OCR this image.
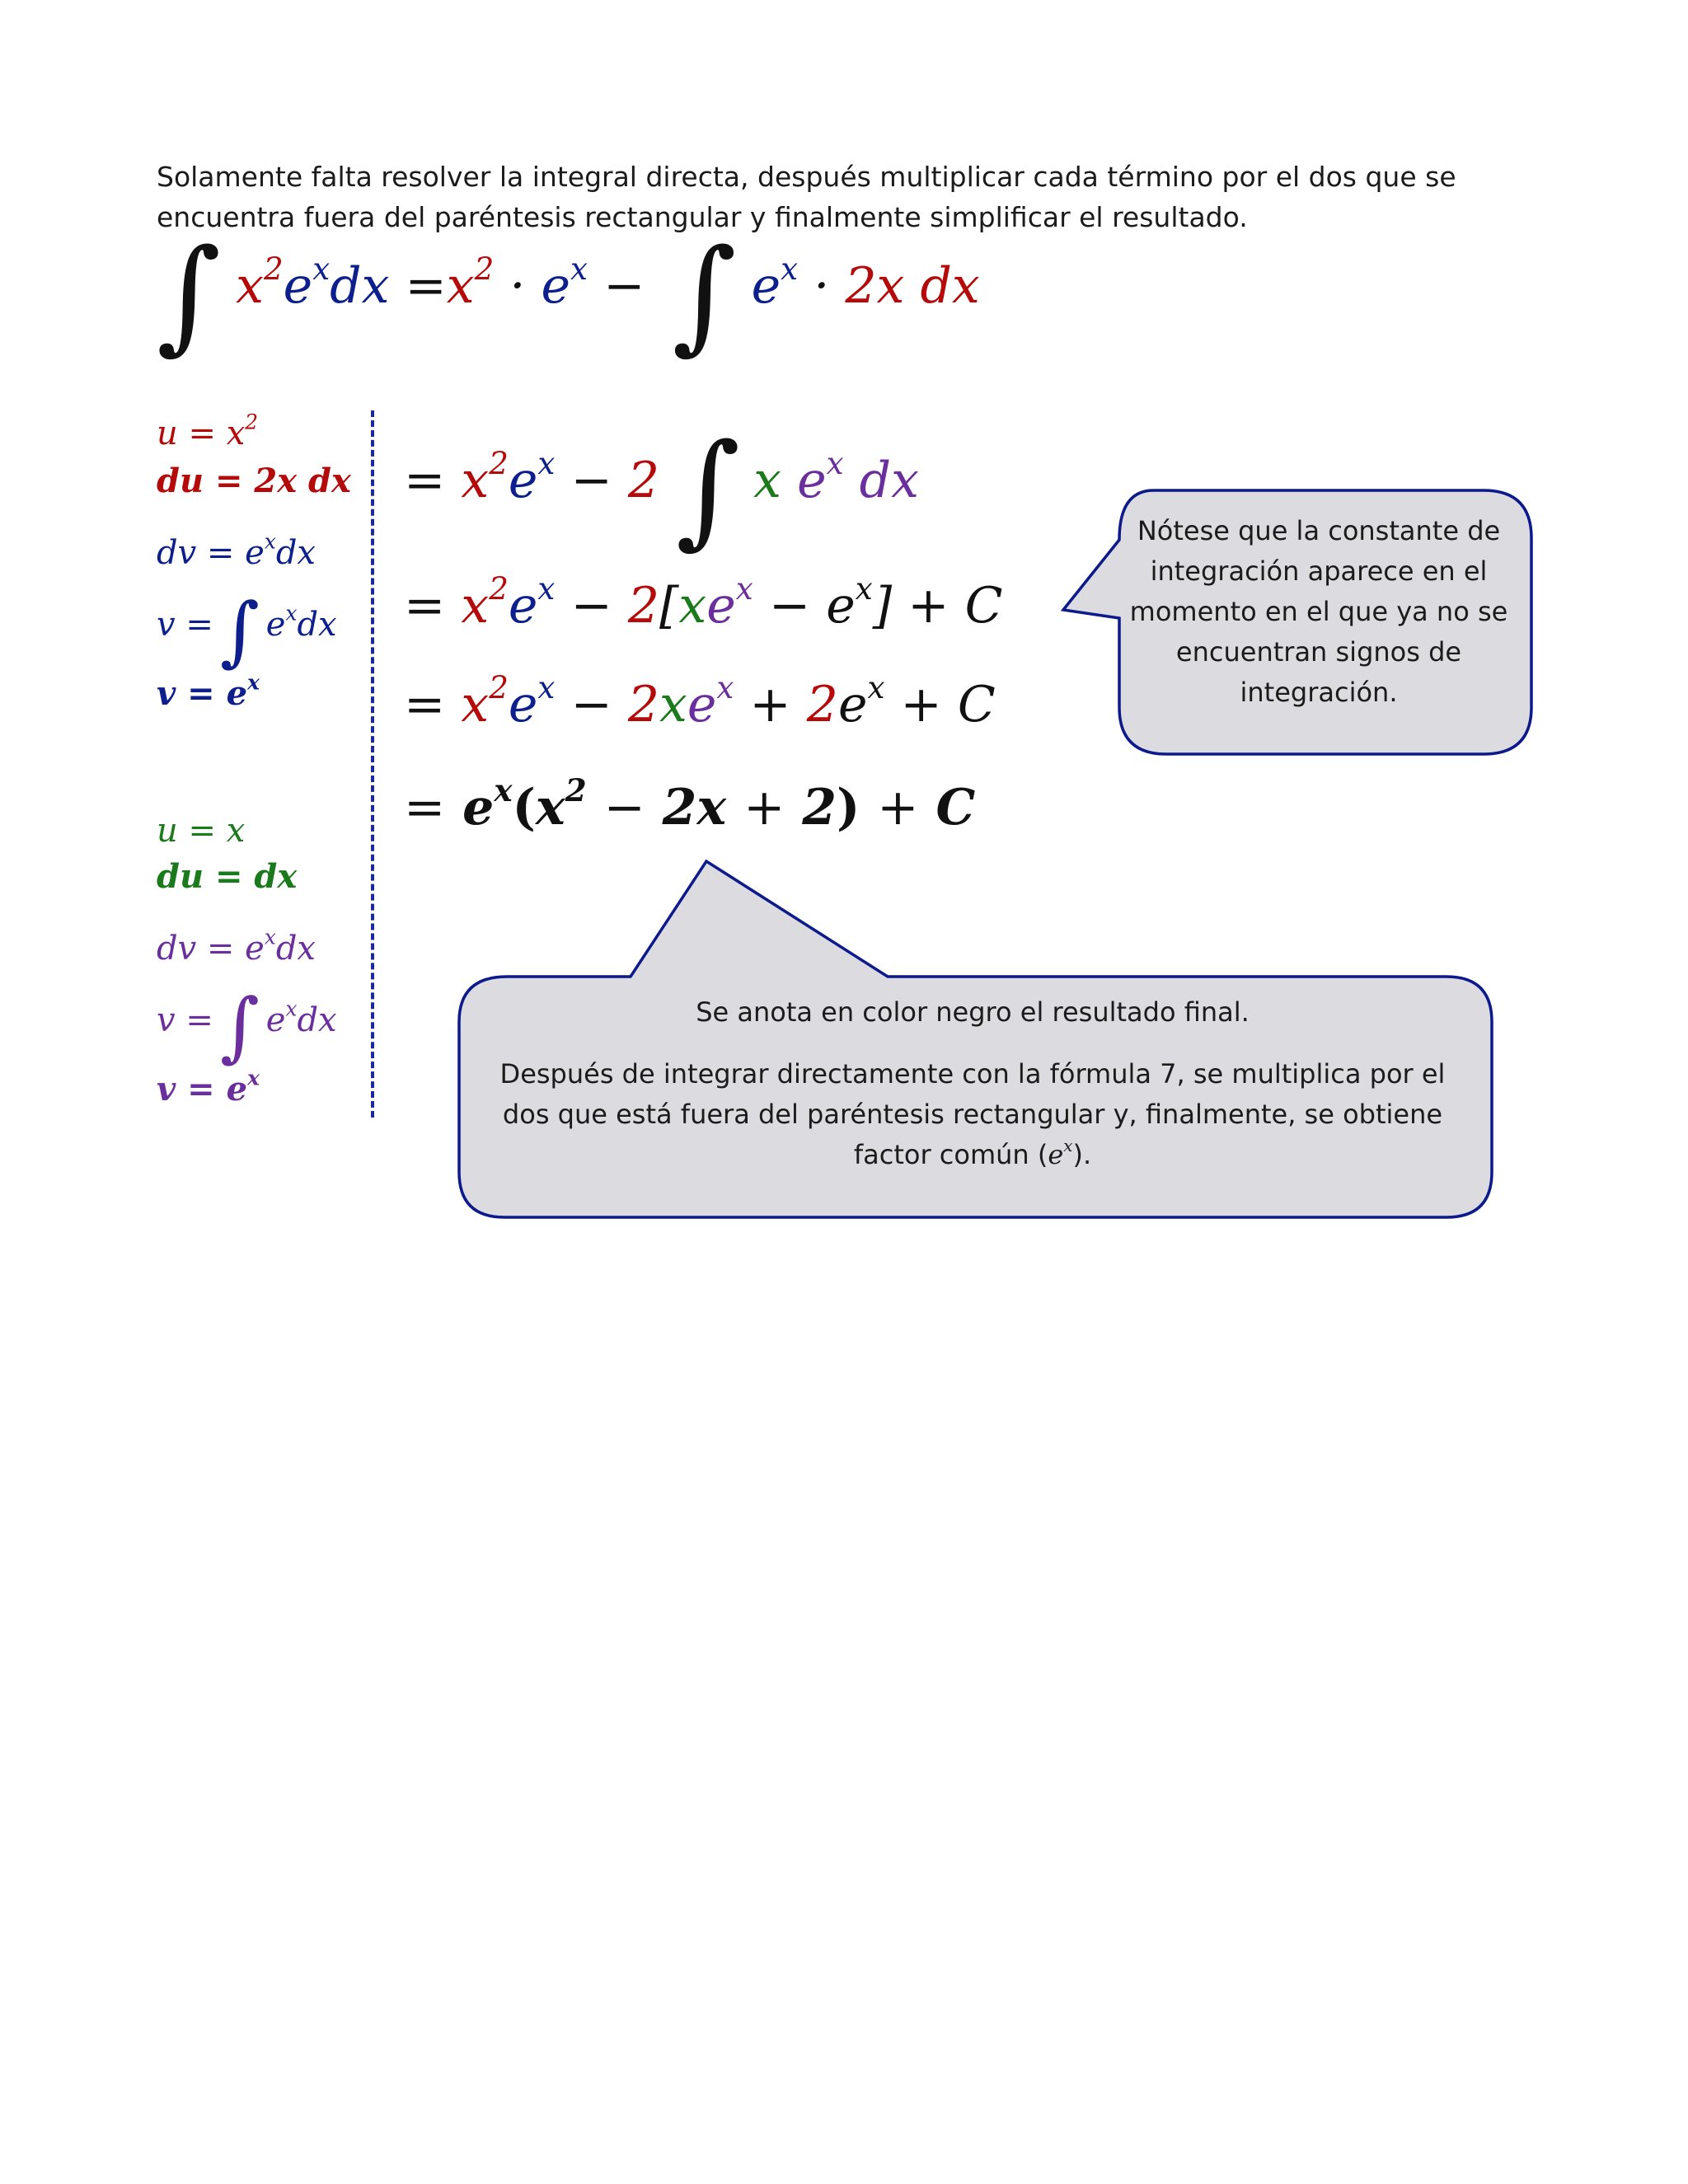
Solamente falta resolver la integral directa, después multiplicar cada término por el dos que se encuentra fuera del paréntesis rectangular y finalmente simplificar el resultado.
∫ $x^2e^xdx =x^2 \cdot e^x$ − ∫ $e^x \cdot 2x$ dx
$u = x^2$
du = 2x dx
dv = $e^xdx$
v =∫ $e^xdx$
$v = e^x$
u = x
du = dx
dv = $e^xdx$
v =∫ $e^xdx$
$v = e^x$
= $x^2e^x - 2$ ∫ x $e^x$ dx
= $x^2e^x - 2[xe^x - e^x] + C$
= $x^2e^x - 2xe^x + 2e^x + C$
= $e^x(x^2 - 2x + 2) + C$
Nótese que la constante de integración aparece en el momento en el que ya no se encuentran signos de integración.

Se anota en color negro el resultado final.

Después de integrar directamente con la fórmula 7, se multiplica por el dos que está fuera del paréntesis rectangular y, finalmente, se obtiene factor común $(e^x)$.
